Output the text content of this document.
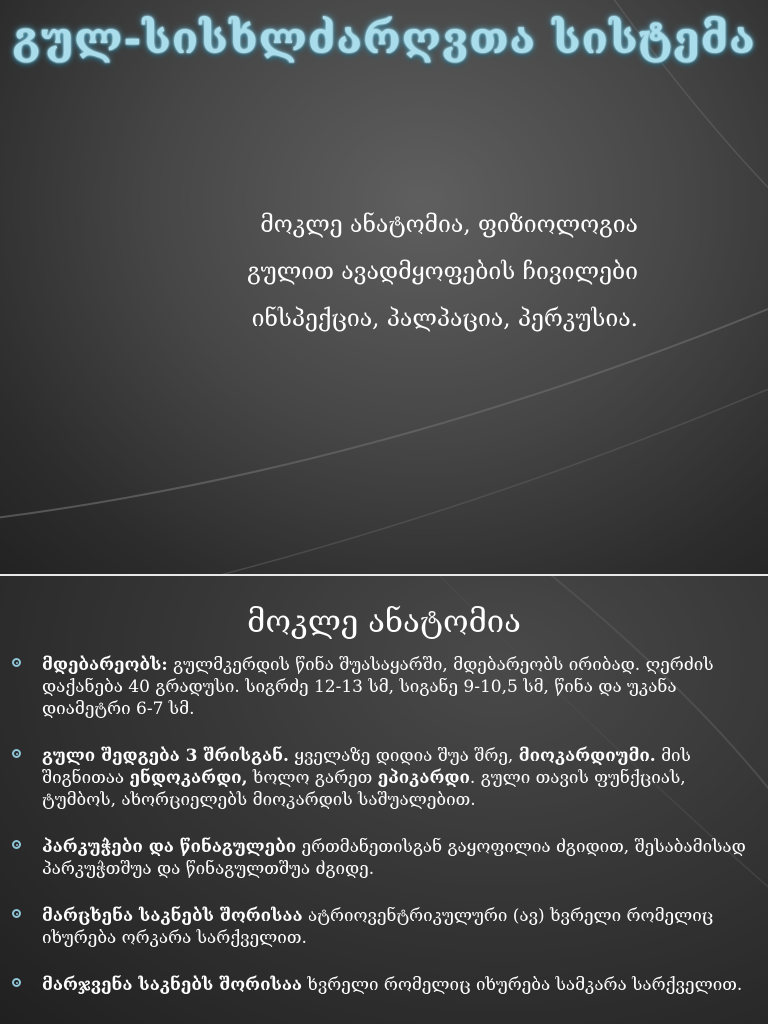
გულ-სისხლძარღვთა სისტემა
მოკლე ანატომია, ფიზიოლოგია
გულით ავადმყოფების ჩივილები
ინსპექცია, პალპაცია, პერკუსია.
მოკლე ანატომია
მდებარეობს: გულმკერდის წინა შუასაყარში, მდებარეობს ირიბად. ღერძის დაქანება 40 გრადუსი. სიგრძე 12-13 სმ, სიგანე 9-10,5 სმ, წინა და უკანა დიამეტრი 6-7 სმ.
გული შედგება 3 შრისგან. ყველაზე დიდია შუა შრე, მიოკარდიუმი. მის შიგნითაა ენდოკარდი, ხოლო გარეთ ეპიკარდი. გული თავის ფუნქციას, ტუმბოს, ახორციელებს მიოკარდის საშუალებით.
პარკუჭები და წინაგულები ერთმანეთისგან გაყოფილია ძგიდით, შესაბამისად პარკუჭთშუა და წინაგულთშუა ძგიდე.
მარცხენა საკნებს შორისაა ატრიოვენტრიკულური (ავ) ხვრელი რომელიც იხურება ორკარა სარქველით.
მარჯვენა საკნებს შორისაა ხვრელი რომელიც იხურება სამკარა სარქველით.
